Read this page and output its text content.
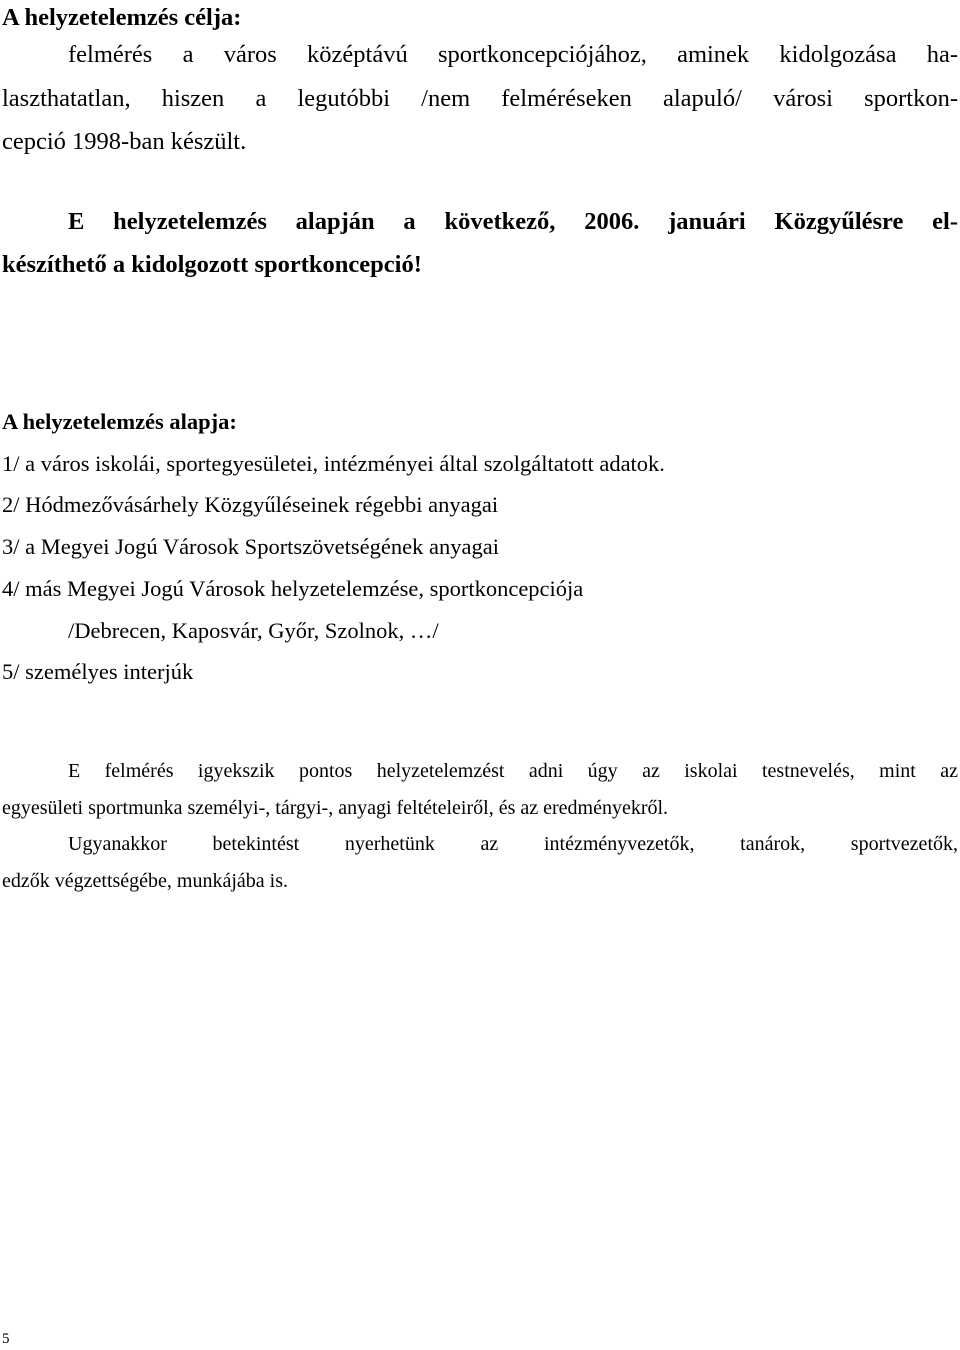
A helyzetelemzés célja:
felmérés a város középtávú sportkoncepciójához, aminek kidolgozása ha-
laszthatatlan, hiszen a legutóbbi /nem felméréseken alapuló/ városi sportkon-
cepció 1998-ban készült.
E helyzetelemzés alapján a következő, 2006. januári Közgyűlésre el-
készíthető a kidolgozott sportkoncepció!
A helyzetelemzés alapja:
1/ a város iskolái, sportegyesületei, intézményei által szolgáltatott adatok.
2/ Hódmezővásárhely Közgyűléseinek régebbi anyagai
3/ a Megyei Jogú Városok Sportszövetségének anyagai
4/ más Megyei Jogú Városok helyzetelemzése, sportkoncepciója
/Debrecen, Kaposvár, Győr, Szolnok, …/
5/ személyes interjúk
E felmérés igyekszik pontos helyzetelemzést adni úgy az iskolai testnevelés, mint az
egyesületi sportmunka személyi-, tárgyi-, anyagi feltételeiről, és az eredményekről.
Ugyanakkor betekintést nyerhetünk az intézményvezetők, tanárok, sportvezetők,
edzők végzettségébe, munkájába is.
5
